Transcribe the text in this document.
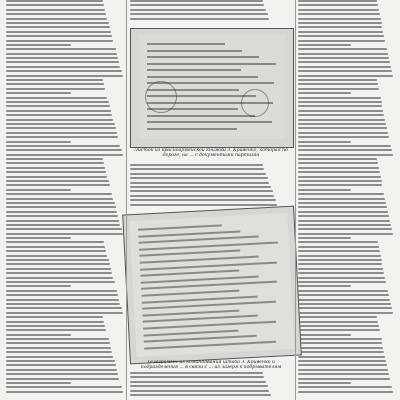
Листок из красноармейской книжки З. Кривенко, которая по дороге, на ... с документами партизан
Телеграммы из командования штаба З. Кривенко и подразделения ... в связи с ... из лагеря к подрывателям
